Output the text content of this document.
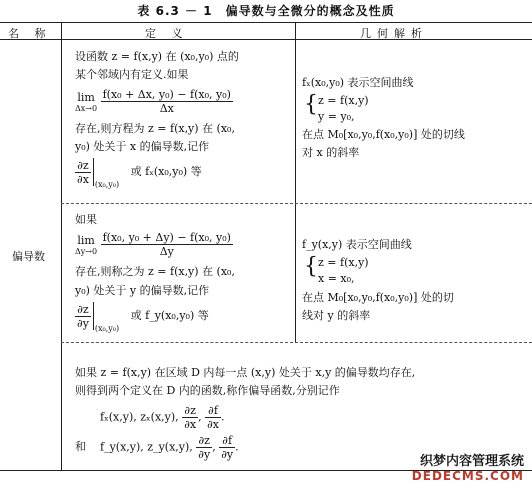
表 6.3 － 1　偏导数与全微分的概念及性质
名 称	定 义	几何解析
偏导数
设函数 z = f(x,y) 在 (x₀,y₀) 点的
某个邻域内有定义.如果
lim
Δx→0
$\frac{\text{f(x₀ + Δx, y₀) − f(x₀, y₀)}}{\Delta x}$
存在,则方程为 z = f(x,y) 在 (x₀,
y₀) 处关于 x 的偏导数,记作
$\frac{\partial z}{\partial x} _{(x_0,y_0)}$ 或 fₓ(x₀,y₀) 等
fₓ(x₀,y₀) 表示空间曲线
{ z = f(x,y)
y = y₀,
在点 M₀[x₀,y₀,f(x₀,y₀)] 处的切线
对 x 的斜率
如果
lim
Δy→0
$\frac{\text{f(x₀, y₀ + Δy) − f(x₀, y₀)}}{\Delta y}$
存在,则称之为 z = f(x,y) 在 (x₀,
y₀) 处关于 y 的偏导数,记作
$\frac{\partial z}{\partial y} _{(x_0,y_0)}$ 或 f_y(x₀,y₀) 等
f_y(x,y) 表示空间曲线
{ z = f(x,y)
x = x₀,
在点 M₀[x₀,y₀,f(x₀,y₀)] 处的切
线对 y 的斜率
如果 z = f(x,y) 在区域 D 内每一点 (x,y) 处关于 x,y 的偏导数均存在,
则得到两个定义在 D 内的函数,称作偏导函数,分别记作
fₓ(x,y), zₓ(x,y), $\frac{\partial z}{\partial x}$ , $\frac{\partial f}{\partial x}$ .
和 f_y(x,y), z_y(x,y), $\frac{\partial z}{\partial y}$ , $\frac{\partial f}{\partial y}$ .
织梦内容管理系统
DEDECMS.COM
